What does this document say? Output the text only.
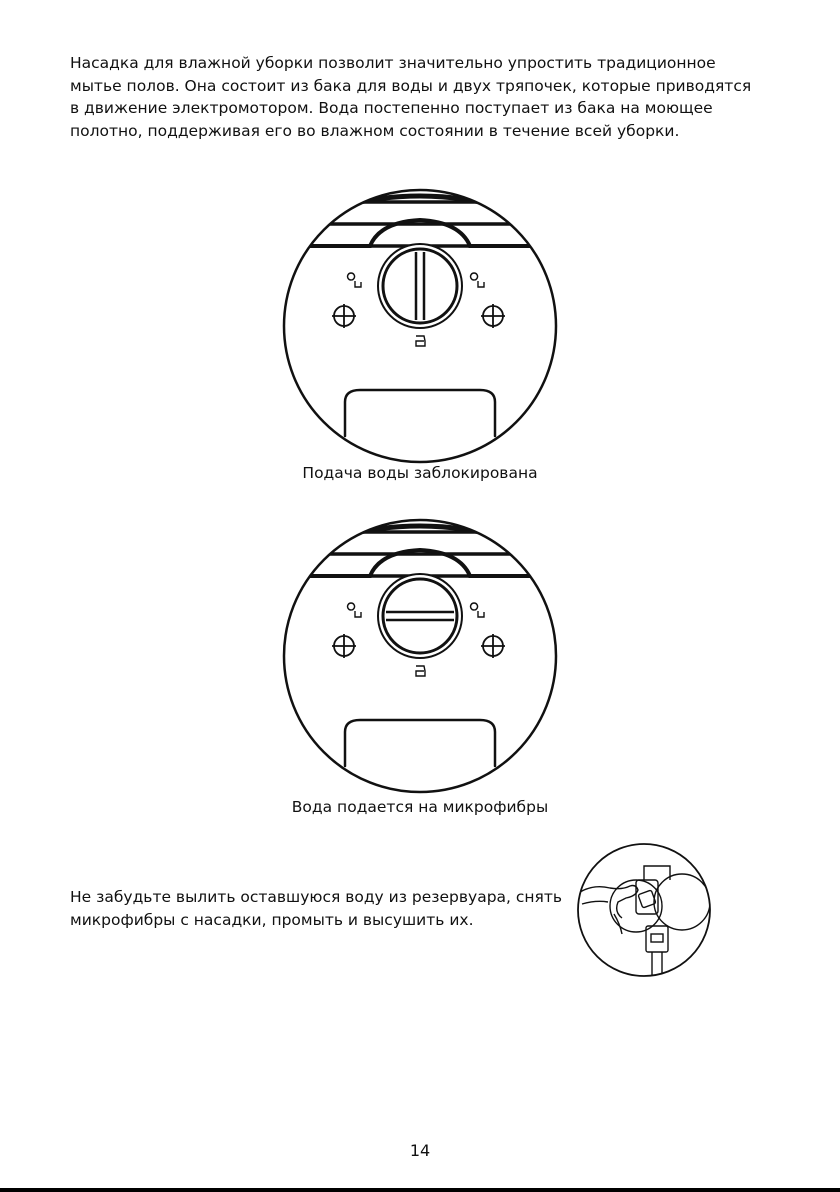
Насадка для влажной уборки позволит значительно упростить традиционное
мытье полов. Она состоит из бака для воды и двух тряпочек, которые приводятся
в движение электромотором. Вода постепенно поступает из бака на моющее
полотно, поддерживая его во влажном состоянии в течение всей уборки.

Подача воды заблокирована

Вода подается на микрофибры

Не забудьте вылить оставшуюся воду из резервуара, снять
микрофибры с насадки, промыть и высушить их.

14
